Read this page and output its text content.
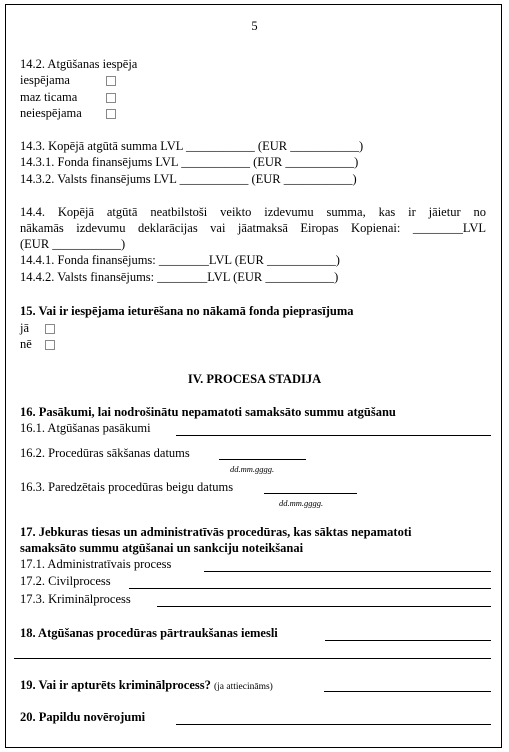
5
14.2. Atgūšanas iespēja
iespējama
maz ticama
neiespējama
14.3. Kopējā atgūtā summa LVL ___________ (EUR ___________)
14.3.1. Fonda finansējums LVL ___________ (EUR ___________)
14.3.2. Valsts finansējums LVL ___________ (EUR ___________)
14.4. Kopējā atgūtā neatbilstoši veikto izdevumu summa, kas ir jāietur no
nākamās izdevumu deklarācijas vai jāatmaksā Eiropas Kopienai: ________LVL
(EUR ___________)
14.4.1. Fonda finansējums: ________LVL (EUR ___________)
14.4.2. Valsts finansējums: ________LVL (EUR ___________)
15. Vai ir iespējama ieturēšana no nākamā fonda pieprasījuma
jā
nē
IV. PROCESA STADIJA
16. Pasākumi, lai nodrošinātu nepamatoti samaksāto summu atgūšanu
16.1. Atgūšanas pasākumi
16.2. Procedūras sākšanas datums
dd.mm.gggg.
16.3. Paredzētais procedūras beigu datums
dd.mm.gggg.
17. Jebkuras tiesas un administratīvās procedūras, kas sāktas nepamatoti
samaksāto summu atgūšanai un sankciju noteikšanai
17.1. Administratīvais process
17.2. Civilprocess
17.3. Kriminālprocess
18. Atgūšanas procedūras pārtraukšanas iemesli
19. Vai ir apturēts kriminālprocess? (ja attiecināms)
20. Papildu novērojumi
